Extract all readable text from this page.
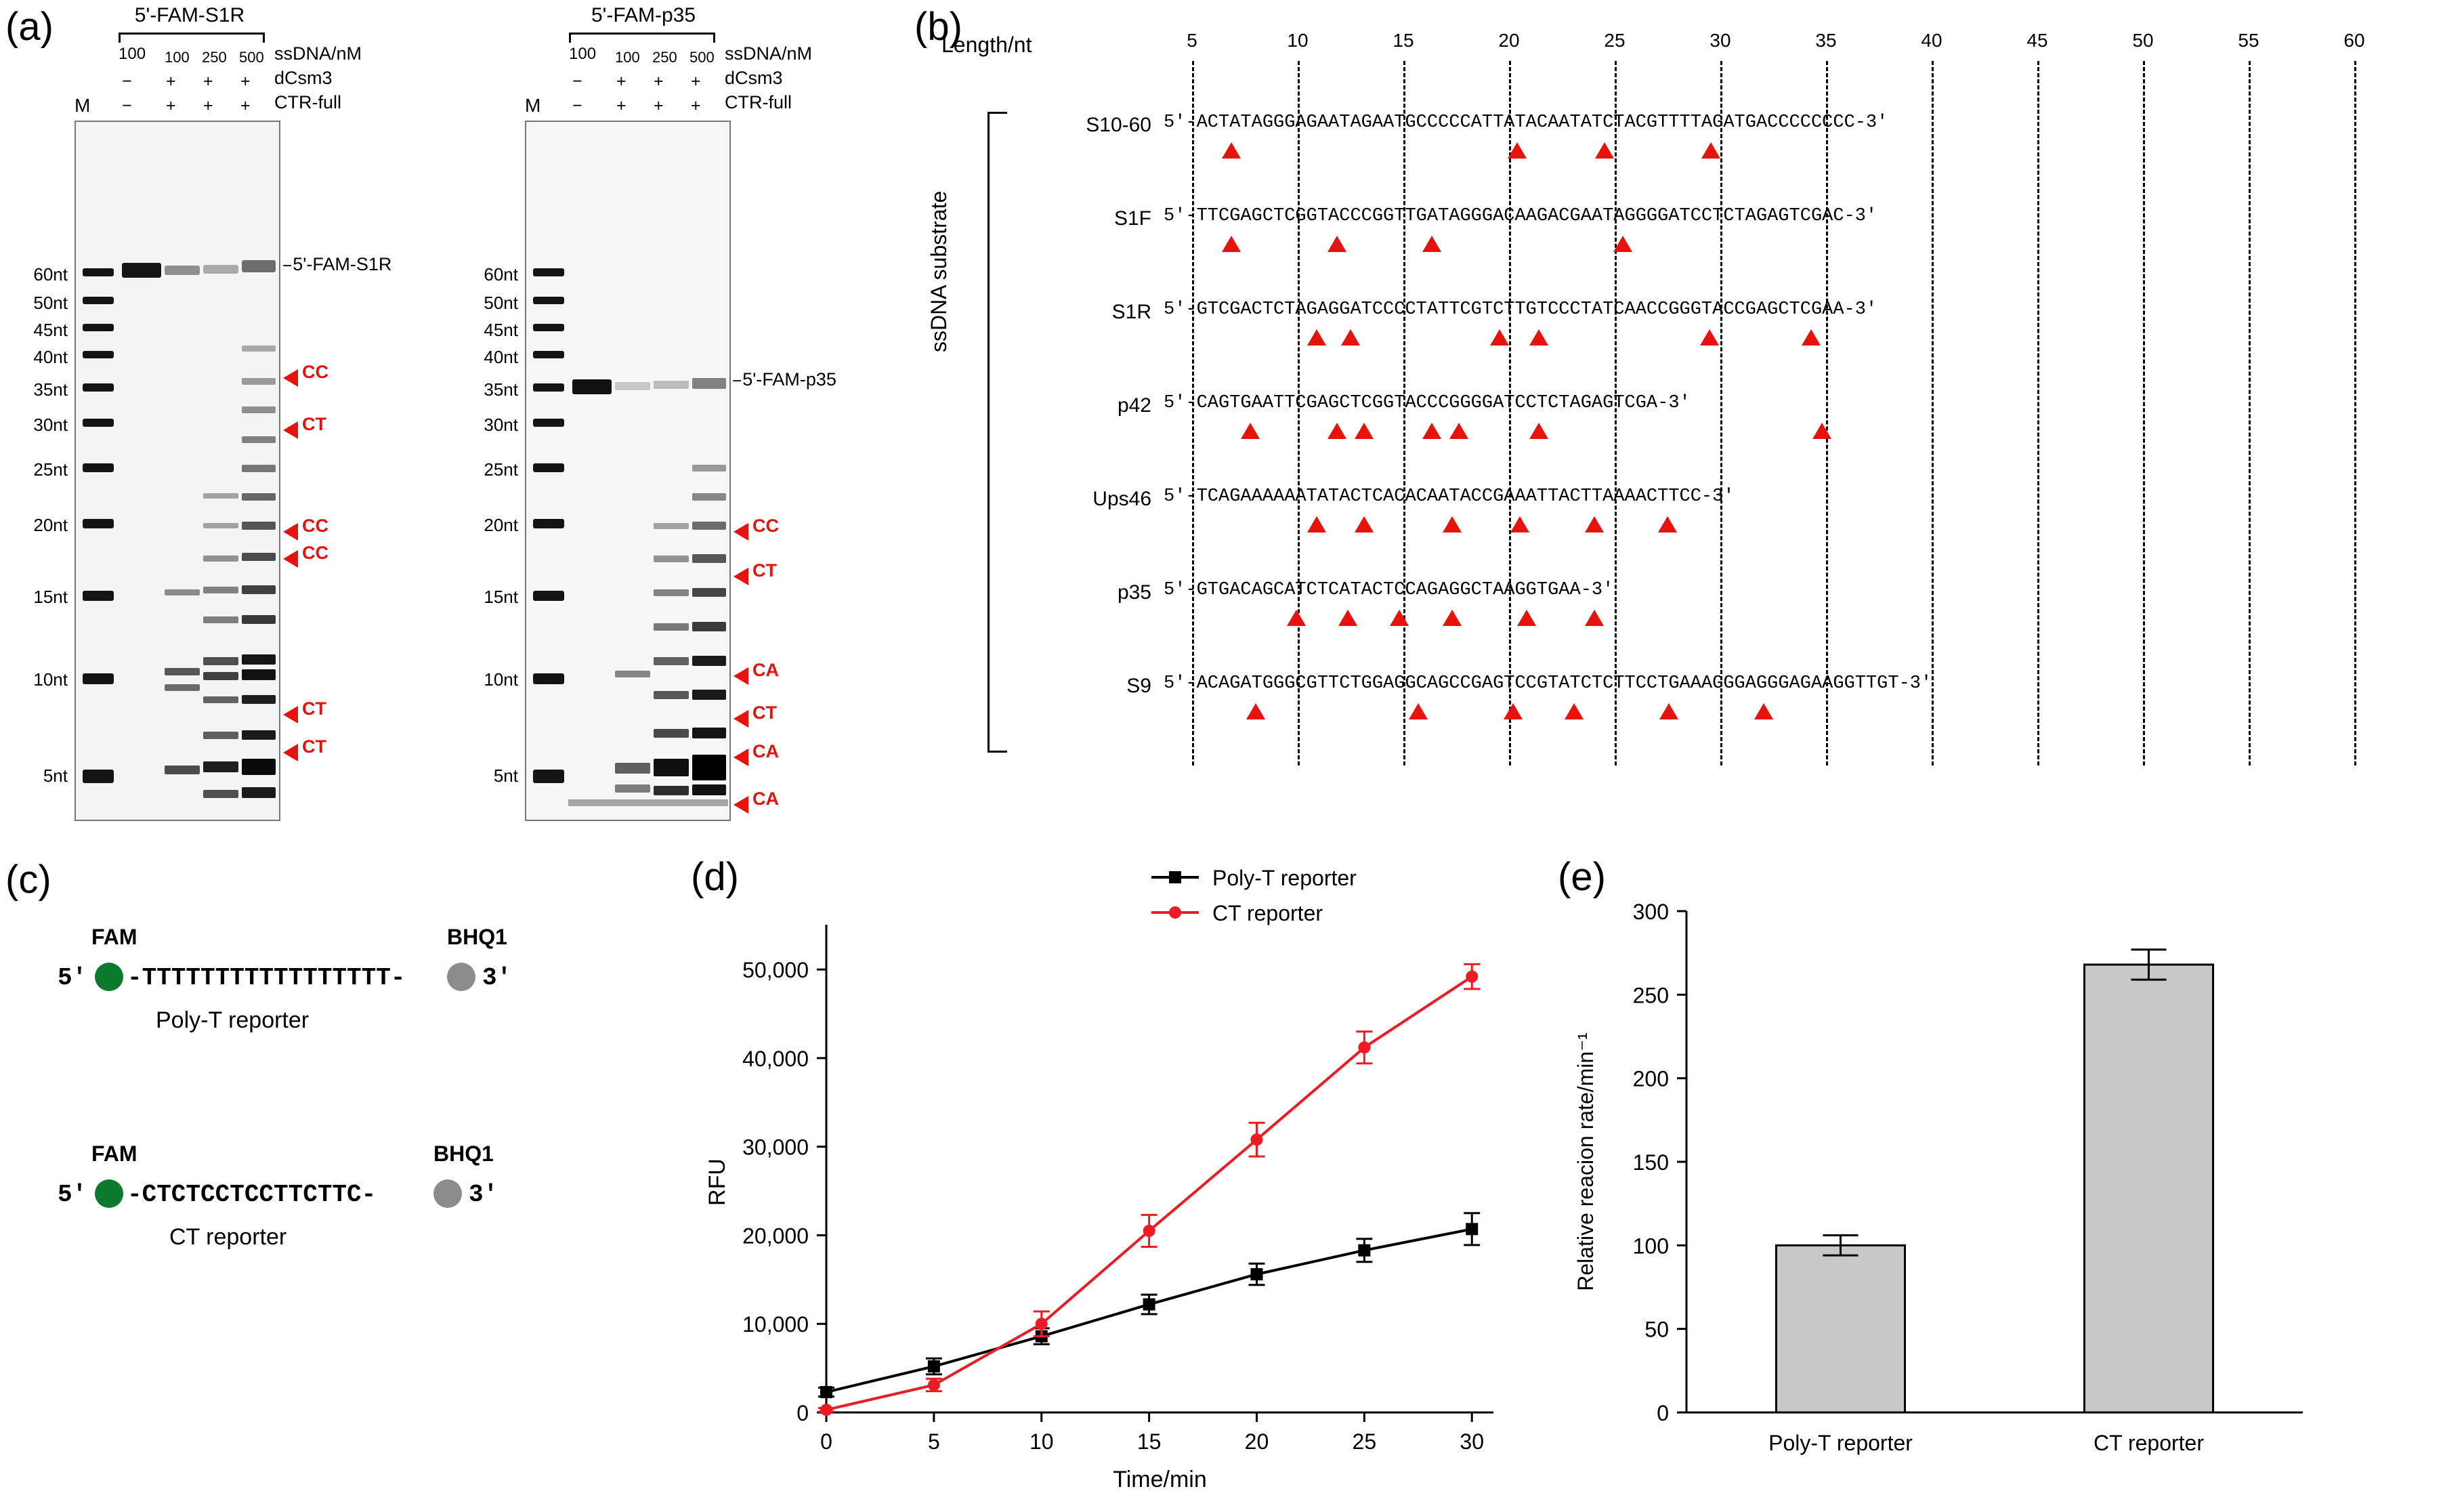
(a)	5'-FAM-S1R
100 100 250 500 ssDNA/nM
− + + + dCsm3
− + + + CTR-full
M
60nt
50nt
45nt
40nt
35nt
30nt
25nt
20nt
15nt
10nt
5nt
–5'-FAM-S1R
CC
CT
CC
CC
CT
CT
5'-FAM-p35
100 100 250 500 ssDNA/nM
− + + + dCsm3
− + + + CTR-full
M
60nt
50nt
45nt
40nt
35nt
30nt
25nt
20nt
15nt
10nt
5nt
–5'-FAM-p35
CC
CT
CA
CT
CA
CA
(b)
Length/nt
ssDNA substrate
5	10	15	20	25	30	35	40	45	50	55	60
S10-60 5′-ACTATAGGGAGAATAGAATGCCCCCATTATACAATATCTACGTTTTAGATGACCCCCCCC-3′
S1F 5′-TTCGAGCTCGGTACCCGGTTGATAGGGACAAGACGAATAGGGGATCCTCTAGAGTCGAC-3′
S1R 5′-GTCGACTCTAGAGGATCCCCTATTCGTCTTGTCCCTATCAACCGGGTACCGAGCTCGAA-3′
p42 5′-CAGTGAATTCGAGCTCGGTACCCGGGGATCCTCTAGAGTCGA-3′
Ups46 5′-TCAGAAAAAATATACTCACACAATACCGAAATTACTTAAAACTTCC-3′
p35 5′-GTGACAGCATCTCATACTCCAGAGGCTAAGGTGAA-3′
S9 5′-ACAGATGGGCGTTCTGGAGGCAGCCGAGTCCGTATCTCTTCCTGAAAGGGAGGGAGAAGGTTGT-3′
(c)
FAM	BHQ1
5′ -TTTTTTTTTTTTTTTTT-	3′
Poly-T reporter
FAM	BHQ1
5′ -CTCTCCTCCTTCTTC-	3′
CT reporter
(d)
0	5	10	15	20	25	30
0
10,000
20,000
30,000
40,000
50,000
Time/min
RFU
Poly-T reporter
CT reporter
(e)
0
50
100
150
200
250
300
Relative reacion rate/min⁻¹
Poly-T reporter	CT reporter
